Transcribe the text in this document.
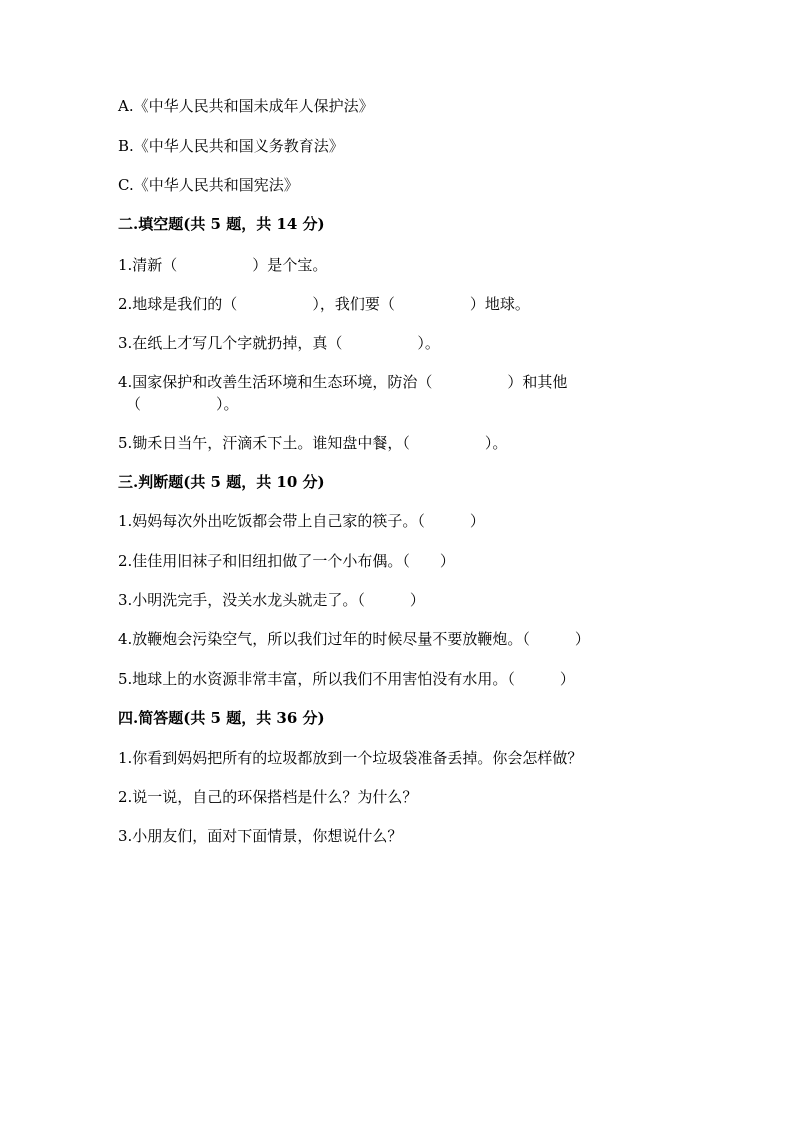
A.《中华人民共和国未成年人保护法》
B.《中华人民共和国义务教育法》
C.《中华人民共和国宪法》
二.填空题(共 5 题，共 14 分)
1.清新（　　　　　）是个宝。
2.地球是我们的（　　　　　），我们要（　　　　　）地球。
3.在纸上才写几个字就扔掉，真（　　　　　）。
4.国家保护和改善生活环境和生态环境，防治（　　　　　）和其他
（　　　　　）。
5.锄禾日当午，汗滴禾下土。谁知盘中餐，（　　　　　）。
三.判断题(共 5 题，共 10 分)
1.妈妈每次外出吃饭都会带上自己家的筷子。（　　　）
2.佳佳用旧袜子和旧纽扣做了一个小布偶。（　　）
3.小明洗完手，没关水龙头就走了。（　　　）
4.放鞭炮会污染空气，所以我们过年的时候尽量不要放鞭炮。（　　　）
5.地球上的水资源非常丰富，所以我们不用害怕没有水用。（　　　）
四.简答题(共 5 题，共 36 分)
1.你看到妈妈把所有的垃圾都放到一个垃圾袋准备丢掉。你会怎样做？
2.说一说，自己的环保搭档是什么？为什么？
3.小朋友们，面对下面情景，你想说什么？
